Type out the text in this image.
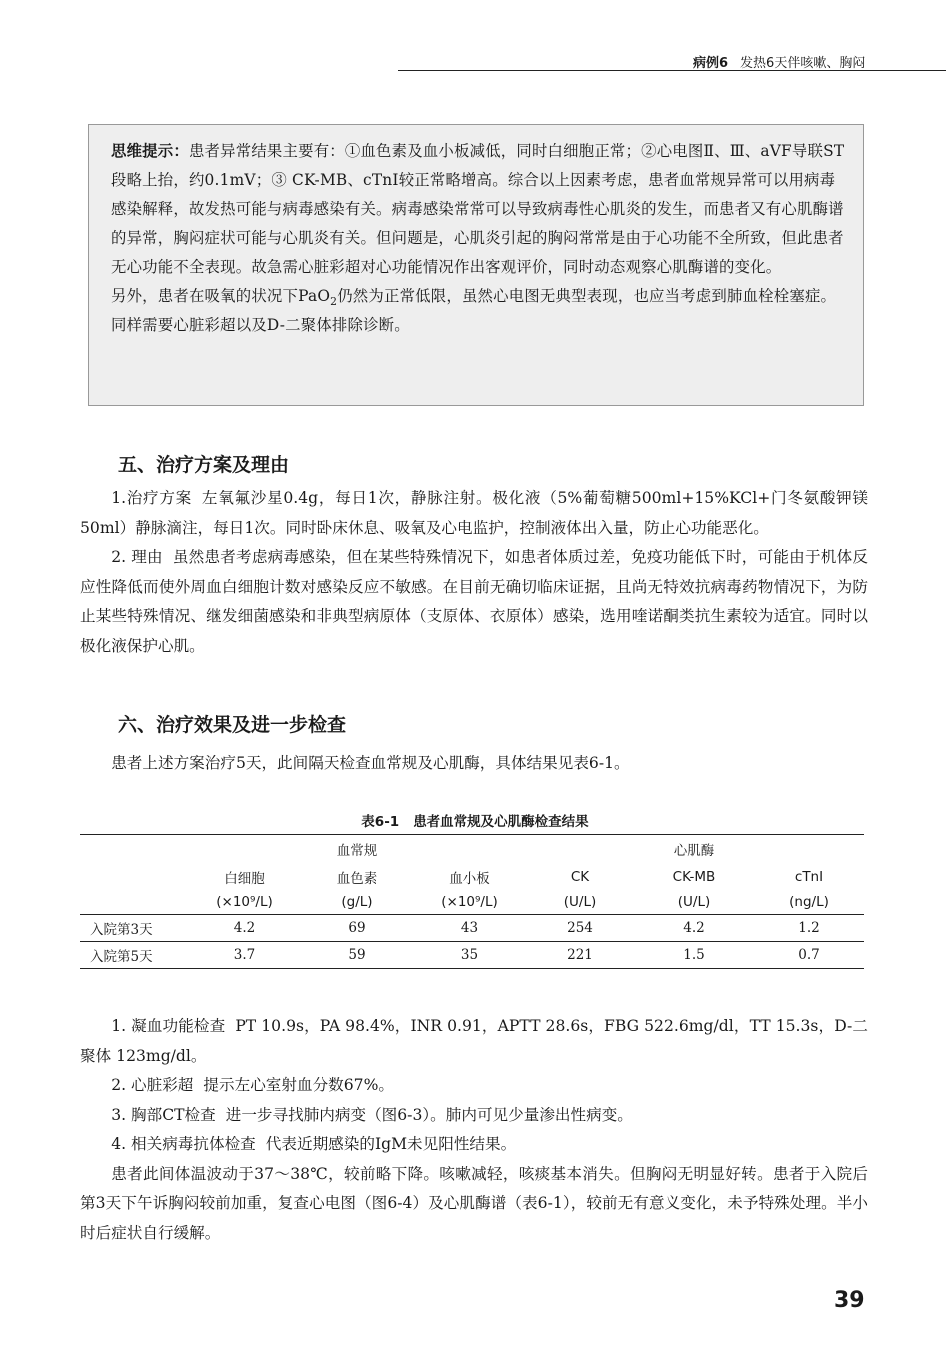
病例6 发热6天伴咳嗽、胸闷

思维提示：患者异常结果主要有：①血色素及血小板减低，同时白细胞正常；②心电图Ⅱ、Ⅲ、aVF导联ST段略上抬，约0.1mV；③ CK-MB、cTnI较正常略增高。综合以上因素考虑，患者血常规异常可以用病毒感染解释，故发热可能与病毒感染有关。病毒感染常常可以导致病毒性心肌炎的发生，而患者又有心肌酶谱的异常，胸闷症状可能与心肌炎有关。但问题是，心肌炎引起的胸闷常常是由于心功能不全所致，但此患者无心功能不全表现。故急需心脏彩超对心功能情况作出客观评价，同时动态观察心肌酶谱的变化。

另外，患者在吸氧的状况下PaO$_2$仍然为正常低限，虽然心电图无典型表现，也应当考虑到肺血栓栓塞症。同样需要心脏彩超以及D-二聚体排除诊断。

五、治疗方案及理由

1.治疗方案 左氧氟沙星0.4g，每日1次，静脉注射。极化液（5%葡萄糖500ml+15%KCl+门冬氨酸钾镁50ml）静脉滴注，每日1次。同时卧床休息、吸氧及心电监护，控制液体出入量，防止心功能恶化。

2. 理由 虽然患者考虑病毒感染，但在某些特殊情况下，如患者体质过差，免疫功能低下时，可能由于机体反应性降低而使外周血白细胞计数对感染反应不敏感。在目前无确切临床证据，且尚无特效抗病毒药物情况下，为防止某些特殊情况、继发细菌感染和非典型病原体（支原体、衣原体）感染，选用喹诺酮类抗生素较为适宜。同时以极化液保护心肌。

六、治疗效果及进一步检查

患者上述方案治疗5天，此间隔天检查血常规及心肌酶，具体结果见表6-1。

表6-1 患者血常规及心肌酶检查结果
	血常规				心肌酶	
	白细胞	血色素	血小板	CK	CK-MB	cTnI
	(×10⁹/L)	(g/L)	(×10⁹/L)	(U/L)	(U/L)	(ng/L)
入院第3天	4.2	69	43	254	4.2	1.2
入院第5天	3.7	59	35	221	1.5	0.7

1. 凝血功能检查 PT 10.9s，PA 98.4%，INR 0.91，APTT 28.6s，FBG 522.6mg/dl，TT 15.3s，D-二聚体 123mg/dl。

2. 心脏彩超 提示左心室射血分数67%。

3. 胸部CT检查 进一步寻找肺内病变（图6-3）。肺内可见少量渗出性病变。

4. 相关病毒抗体检查 代表近期感染的IgM未见阳性结果。

患者此间体温波动于37～38℃，较前略下降。咳嗽减轻，咳痰基本消失。但胸闷无明显好转。患者于入院后第3天下午诉胸闷较前加重，复查心电图（图6-4）及心肌酶谱（表6-1），较前无有意义变化，未予特殊处理。半小时后症状自行缓解。

39
